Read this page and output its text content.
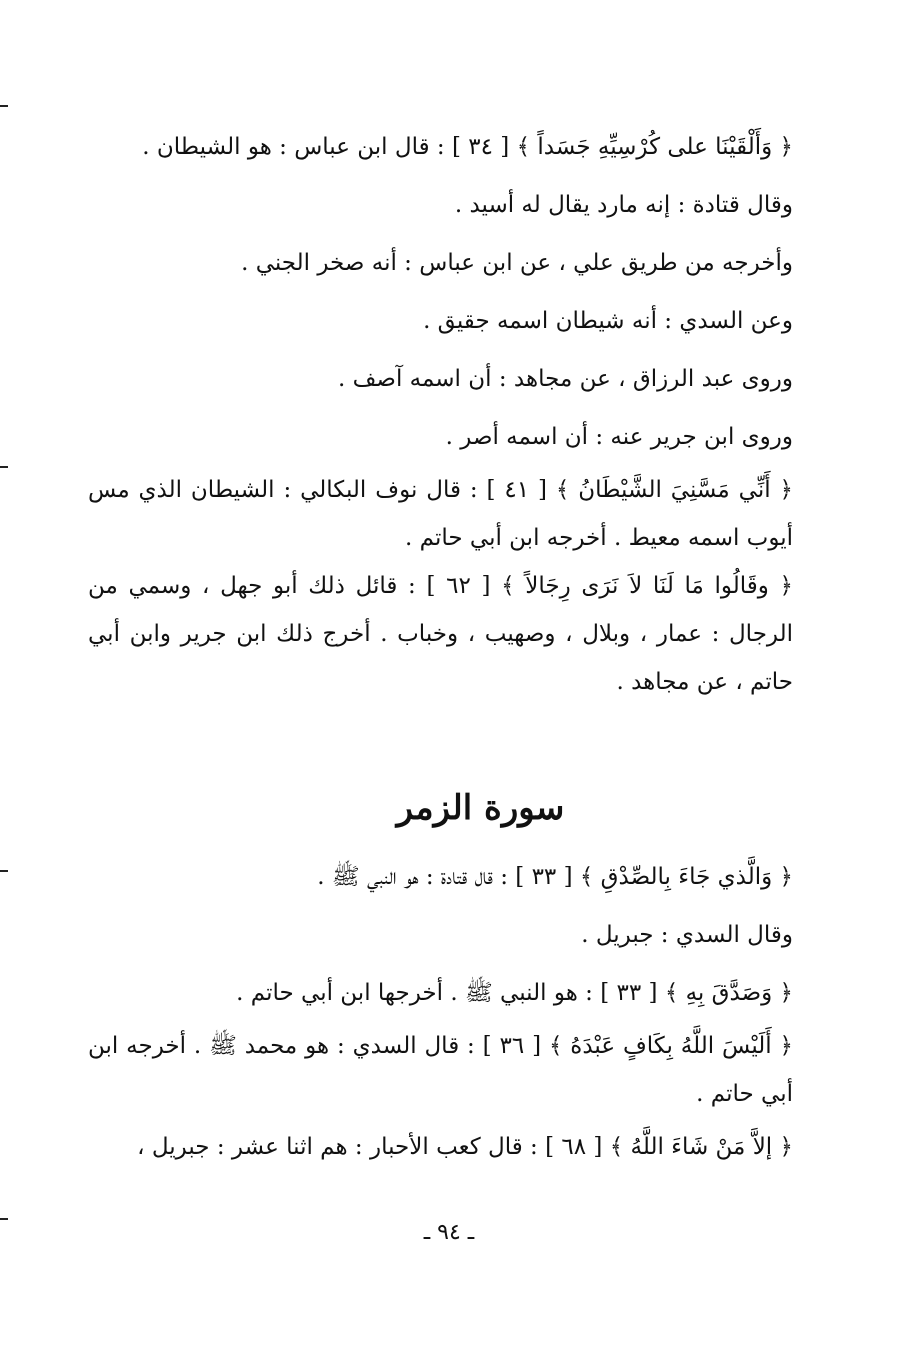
﴿ وَأَلْقَيْنَا على كُرْسِيِّهِ جَسَداً ﴾ [ ٣٤ ] : قال ابن عباس : هو الشيطان .

وقال قتادة : إنه مارد يقال له أسيد .

وأخرجه من طريق علي ، عن ابن عباس : أنه صخر الجني .

وعن السدي : أنه شيطان اسمه جقيق .

وروى عبد الرزاق ، عن مجاهد : أن اسمه آصف .

وروى ابن جرير عنه : أن اسمه أصر .

﴿ أَنِّي مَسَّنِيَ الشَّيْطَانُ ﴾ [ ٤١ ] : قال نوف البكالي : الشيطان الذي مس أيوب اسمه معيط . أخرجه ابن أبي حاتم .

﴿ وقَالُوا مَا لَنَا لاَ نَرَى رِجَالاً ﴾ [ ٦٢ ] : قائل ذلك أبو جهل ، وسمي من الرجال : عمار ، وبلال ، وصهيب ، وخباب . أخرج ذلك ابن جرير وابن أبي حاتم ، عن مجاهد .

سورة الزمر

﴿ وَالَّذي جَاءَ بِالصِّدْقِ ﴾ [ ٣٣ ] : قال قتادة : هو النبي ﷺ .

وقال السدي : جبريل .

﴿ وَصَدَّقَ بِهِ ﴾ [ ٣٣ ] : هو النبي ﷺ . أخرجها ابن أبي حاتم .

﴿ أَلَيْسَ اللَّهُ بِكَافٍ عَبْدَهُ ﴾ [ ٣٦ ] : قال السدي : هو محمد ﷺ . أخرجه ابن أبي حاتم .

﴿ إلاَّ مَنْ شَاءَ اللَّهُ ﴾ [ ٦٨ ] : قال كعب الأحبار : هم اثنا عشر : جبريل ،

ـ ٩٤ ـ
